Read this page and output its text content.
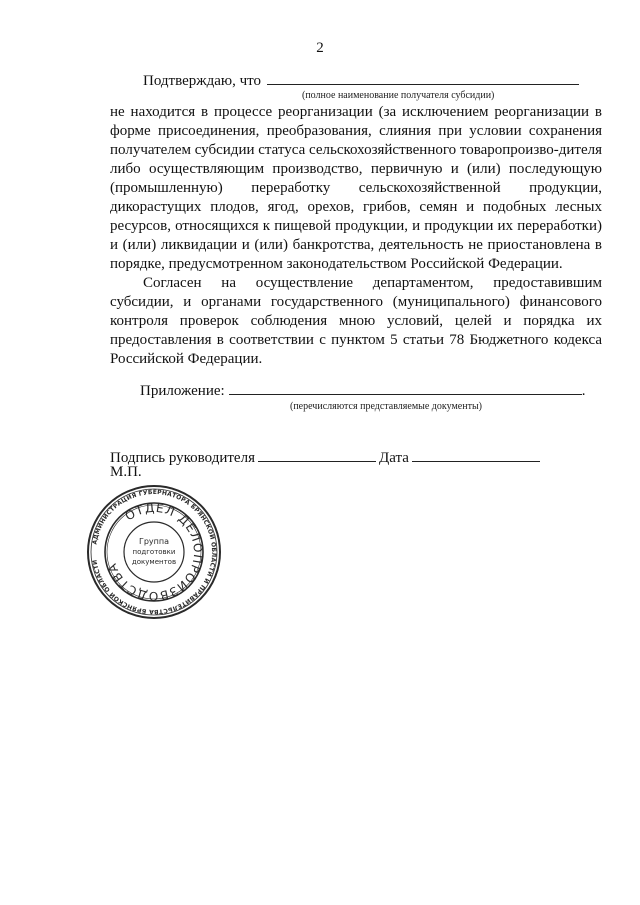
2
Подтверждаю, что
(полное наименование получателя субсидии)

не находится в процессе реорганизации (за исключением реорганизации в форме присоединения, преобразования, слияния при условии сохранения получателем субсидии статуса сельскохозяйственного товаропроизво-дителя либо осуществляющим производство, первичную и (или) последующую (промышленную) переработку сельскохозяйственной продукции, дикорастущих плодов, ягод, орехов, грибов, семян и подобных лесных ресурсов, относящихся к пищевой продукции, и продукции их переработки) и (или) ликвидации и (или) банкротства, деятельность не приостановлена в порядке, предусмотренном законодательством Российской Федерации.

Согласен на осуществление департаментом, предоставившим субсидии, и органами государственного (муниципального) финансового контроля проверок соблюдения мною условий, целей и порядка их предоставления в соответствии с пунктом 5 статьи 78 Бюджетного кодекса Российской Федерации.

Приложение:	.
(перечисляются представляемые документы)
Подпись руководителя	Дата
М.П.
АДМИНИСТРАЦИЯ ГУБЕРНАТОРА БРЯНСКОЙ ОБЛАСТИ И ПРАВИТЕЛЬСТВА БРЯНСКОЙ ОБЛАСТИ
ОТДЕЛ ДЕЛОПРОИЗВОДСТВА
Группа
подготовки
документов
